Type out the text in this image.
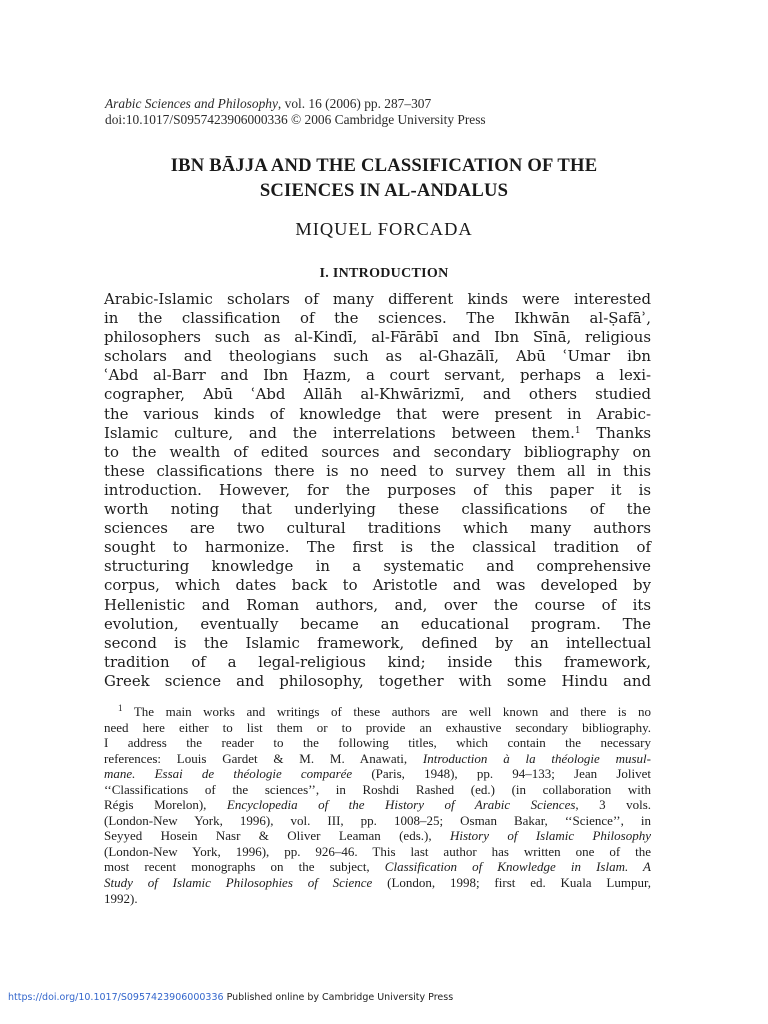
Arabic Sciences and Philosophy, vol. 16 (2006) pp. 287–307
doi:10.1017/S0957423906000336 © 2006 Cambridge University Press
IBN BĀJJA AND THE CLASSIFICATION OF THE
SCIENCES IN AL-ANDALUS
MIQUEL FORCADA
I. INTRODUCTION
Arabic-Islamic scholars of many different kinds were interested
in the classification of the sciences. The Ikhwān al-Ṣafāʾ,
philosophers such as al-Kindī, al-Fārābī and Ibn Sīnā, religious
scholars and theologians such as al-Ghazālī, Abū ʿUmar ibn
ʿAbd al-Barr and Ibn Ḥazm, a court servant, perhaps a lexi-
cographer, Abū ʿAbd Allāh al-Khwārizmī, and others studied
the various kinds of knowledge that were present in Arabic-
Islamic culture, and the interrelations between them.$^1$ Thanks
to the wealth of edited sources and secondary bibliography on
these classifications there is no need to survey them all in this
introduction. However, for the purposes of this paper it is
worth noting that underlying these classifications of the
sciences are two cultural traditions which many authors
sought to harmonize. The first is the classical tradition of
structuring knowledge in a systematic and comprehensive
corpus, which dates back to Aristotle and was developed by
Hellenistic and Roman authors, and, over the course of its
evolution, eventually became an educational program. The
second is the Islamic framework, defined by an intellectual
tradition of a legal-religious kind; inside this framework,
Greek science and philosophy, together with some Hindu and
$^1$ The main works and writings of these authors are well known and there is no
need here either to list them or to provide an exhaustive secondary bibliography.
I address the reader to the following titles, which contain the necessary
references: Louis Gardet & M. M. Anawati, Introduction à la théologie musul-
mane. Essai de théologie comparée (Paris, 1948), pp. 94–133; Jean Jolivet
‘‘Classifications of the sciences’’, in Roshdi Rashed (ed.) (in collaboration with
Régis Morelon), Encyclopedia of the History of Arabic Sciences, 3 vols.
(London-New York, 1996), vol. III, pp. 1008–25; Osman Bakar, ‘‘Science’’, in
Seyyed Hosein Nasr & Oliver Leaman (eds.), History of Islamic Philosophy
(London-New York, 1996), pp. 926–46. This last author has written one of the
most recent monographs on the subject, Classification of Knowledge in Islam. A
Study of Islamic Philosophies of Science (London, 1998; first ed. Kuala Lumpur,
1992).
https://doi.org/10.1017/S0957423906000336 Published online by Cambridge University Press
